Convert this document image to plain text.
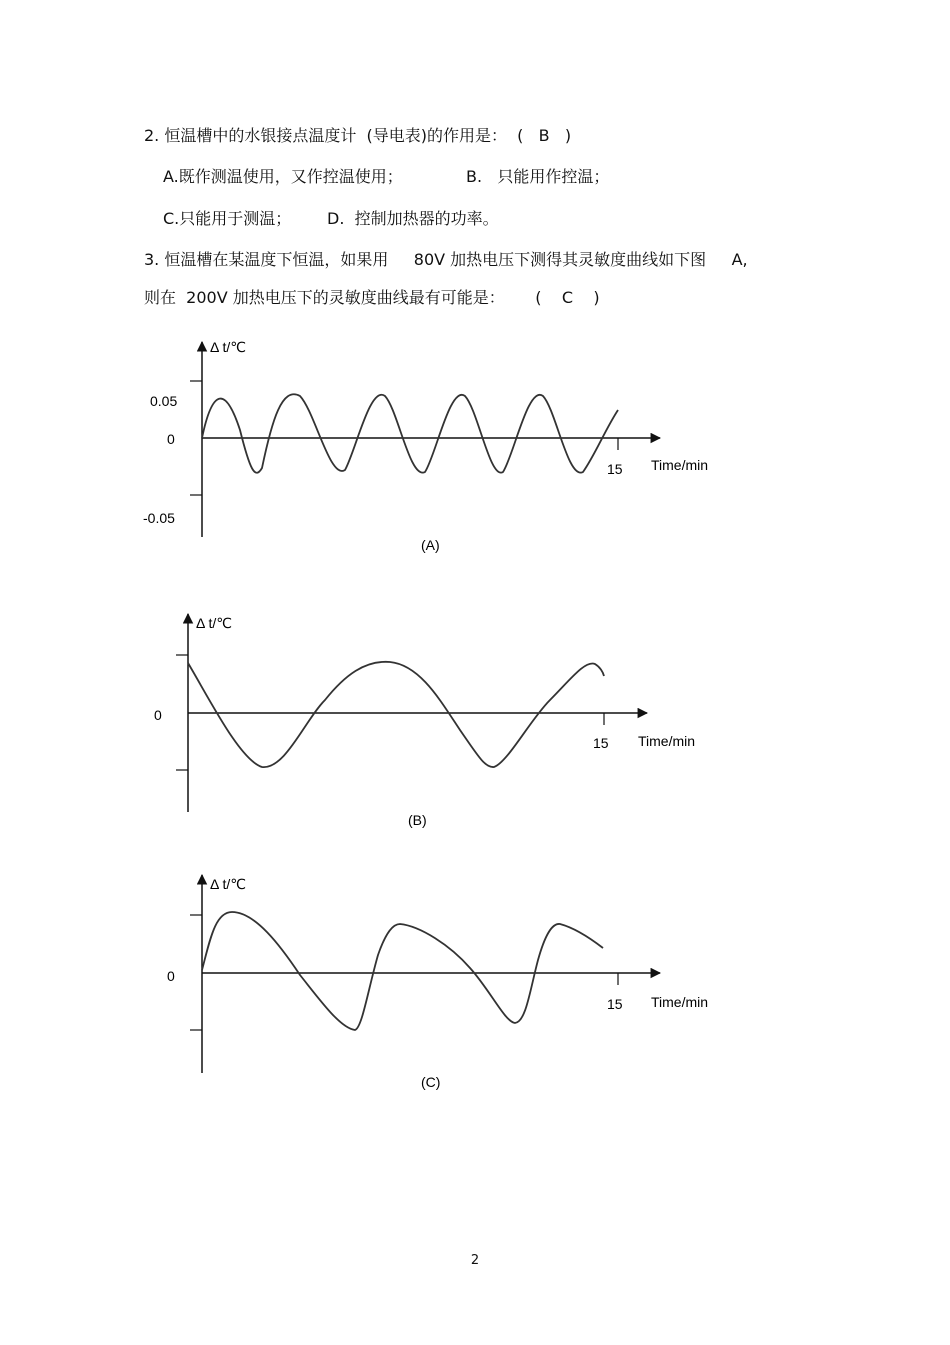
2. 恒温槽中的水银接点温度计  (导电表)的作用是：  (   B   )
A.既作测温使用，又作控温使用；	B.   只能用作控温；
C.只能用于测温； D.  控制加热器的功率。
3. 恒温槽在某温度下恒温，如果用     80V 加热电压下测得其灵敏度曲线如下图     A,
则在  200V 加热电压下的灵敏度曲线最有可能是：      (    C    )
Δ t/℃
0.05
0
-0.05
15 Time/min
(A)
Δ t/℃
0
15 Time/min
(B)
Δ t/℃
0
15 Time/min
(C)
2
